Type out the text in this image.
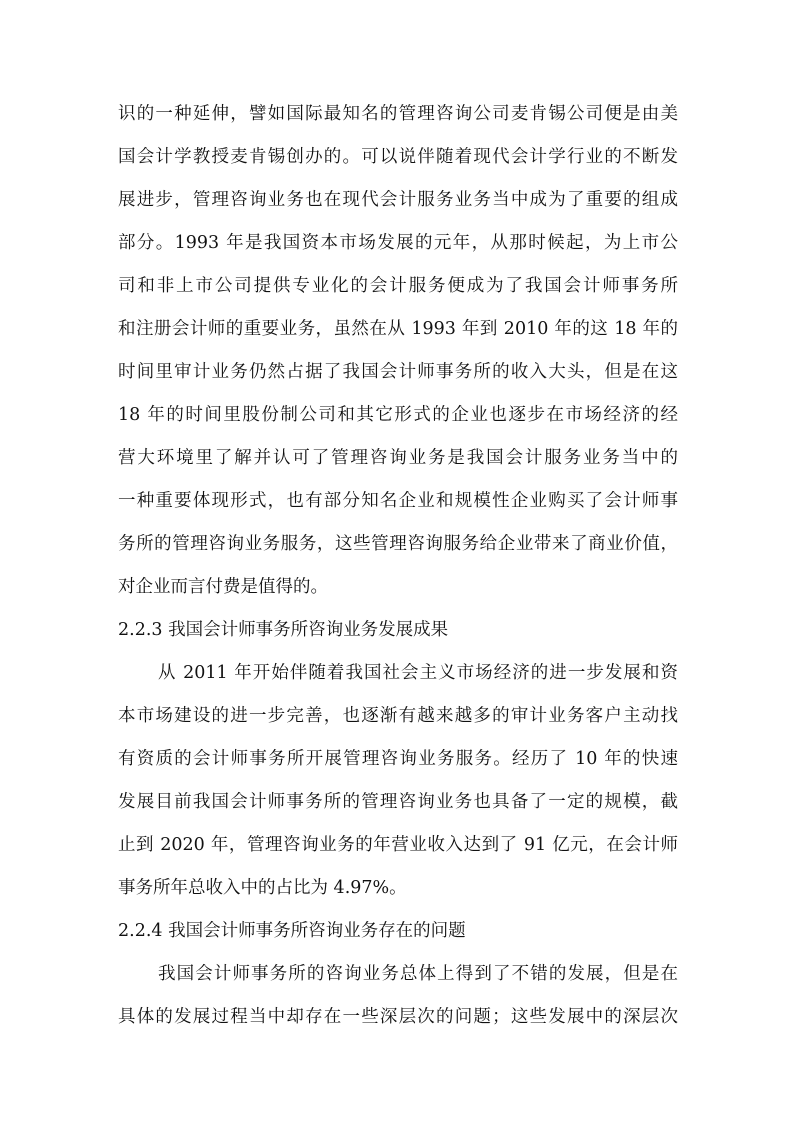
识的一种延伸，譬如国际最知名的管理咨询公司麦肯锡公司便是由美
国会计学教授麦肯锡创办的。可以说伴随着现代会计学行业的不断发
展进步，管理咨询业务也在现代会计服务业务当中成为了重要的组成
部分。1993 年是我国资本市场发展的元年，从那时候起，为上市公
司和非上市公司提供专业化的会计服务便成为了我国会计师事务所
和注册会计师的重要业务，虽然在从 1993 年到 2010 年的这 18 年的
时间里审计业务仍然占据了我国会计师事务所的收入大头，但是在这
18 年的时间里股份制公司和其它形式的企业也逐步在市场经济的经
营大环境里了解并认可了管理咨询业务是我国会计服务业务当中的
一种重要体现形式，也有部分知名企业和规模性企业购买了会计师事
务所的管理咨询业务服务，这些管理咨询服务给企业带来了商业价值，
对企业而言付费是值得的。
2.2.3 我国会计师事务所咨询业务发展成果
从 2011 年开始伴随着我国社会主义市场经济的进一步发展和资
本市场建设的进一步完善，也逐渐有越来越多的审计业务客户主动找
有资质的会计师事务所开展管理咨询业务服务。经历了 10 年的快速
发展目前我国会计师事务所的管理咨询业务也具备了一定的规模，截
止到 2020 年，管理咨询业务的年营业收入达到了 91 亿元，在会计师
事务所年总收入中的占比为 4.97%。
2.2.4 我国会计师事务所咨询业务存在的问题
我国会计师事务所的咨询业务总体上得到了不错的发展，但是在
具体的发展过程当中却存在一些深层次的问题；这些发展中的深层次
